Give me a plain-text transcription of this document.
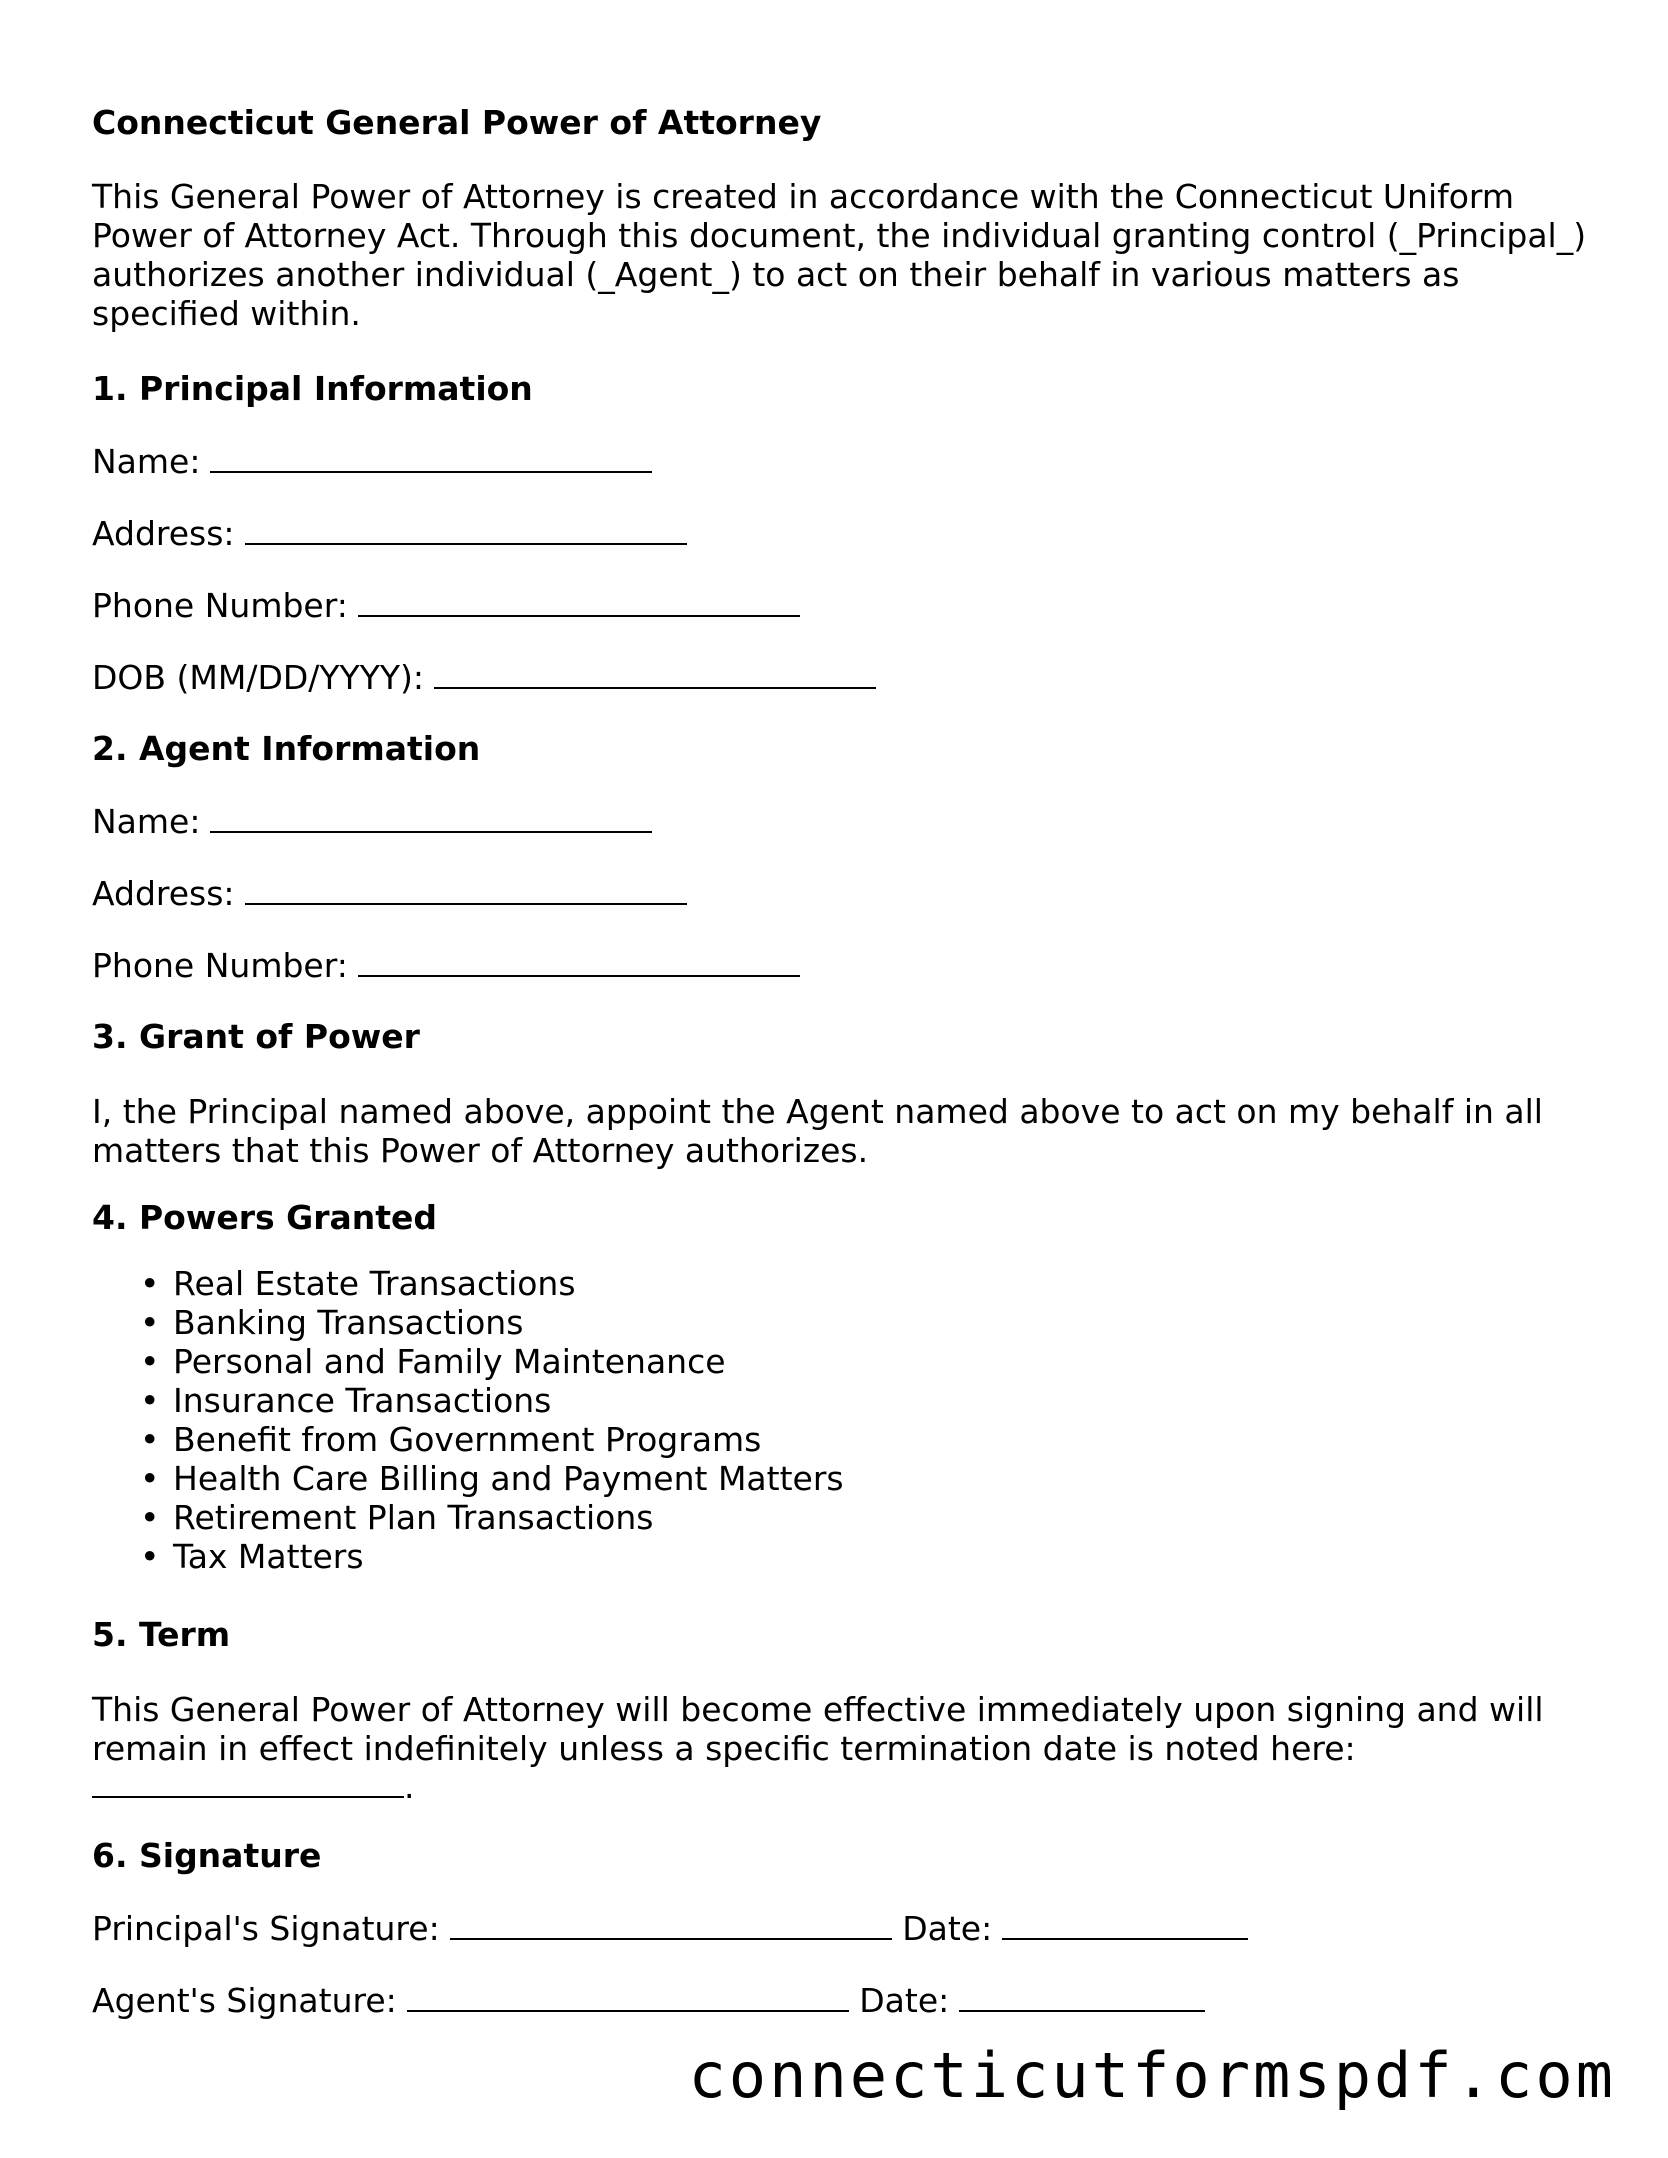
Connecticut General Power of Attorney
This General Power of Attorney is created in accordance with the Connecticut Uniform Power of Attorney Act. Through this document, the individual granting control (_Principal_) authorizes another individual (_Agent_) to act on their behalf in various matters as specified within.
1. Principal Information
Name:
Address:
Phone Number:
DOB (MM/DD/YYYY):
2. Agent Information
Name:
Address:
Phone Number:
3. Grant of Power
I, the Principal named above, appoint the Agent named above to act on my behalf in all matters that this Power of Attorney authorizes.
4. Powers Granted
• Real Estate Transactions
• Banking Transactions
• Personal and Family Maintenance
• Insurance Transactions
• Benefit from Government Programs
• Health Care Billing and Payment Matters
• Retirement Plan Transactions
• Tax Matters
5. Term
This General Power of Attorney will become effective immediately upon signing and will remain in effect indefinitely unless a specific termination date is noted here:
.
6. Signature
Principal's Signature:	Date:
Agent's Signature:	Date:
connecticutformspdf.com
